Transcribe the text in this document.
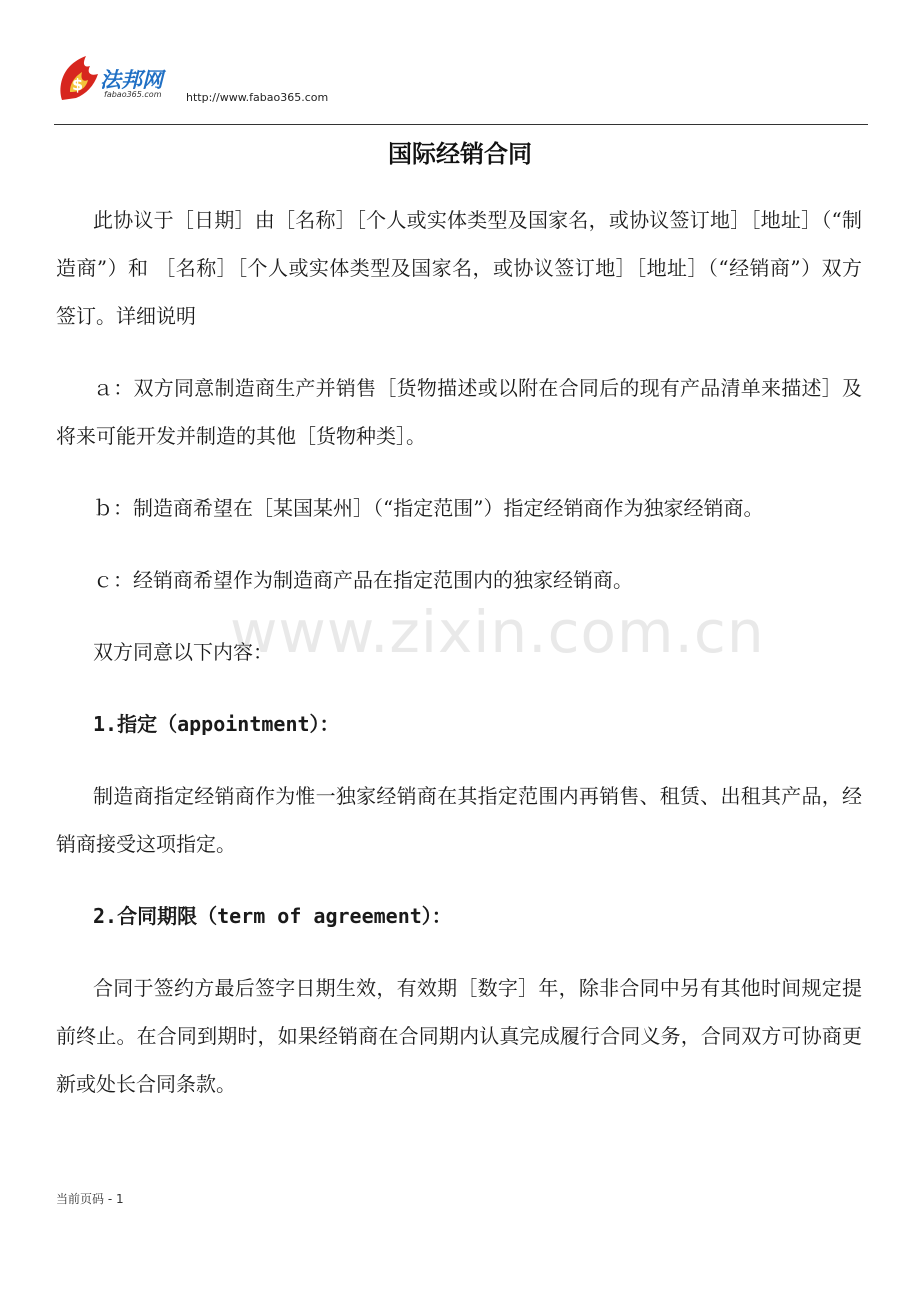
$ 法邦网
fabao365.com http://www.fabao365.com
国际经销合同
www.zixin.com.cn

此协议于［日期］由［名称］［个人或实体类型及国家名，或协议签订地］［地址］（“制造商”）和 ［名称］［个人或实体类型及国家名，或协议签订地］［地址］（“经销商”）双方签订。详细说明

ａ：双方同意制造商生产并销售［货物描述或以附在合同后的现有产品清单来描述］及将来可能开发并制造的其他［货物种类］。

ｂ：制造商希望在［某国某州］（“指定范围”）指定经销商作为独家经销商。

ｃ：经销商希望作为制造商产品在指定范围内的独家经销商。

双方同意以下内容：

1.指定（appointment）：

制造商指定经销商作为惟一独家经销商在其指定范围内再销售、租赁、出租其产品，经销商接受这项指定。

2.合同期限（term of agreement）：

合同于签约方最后签字日期生效，有效期［数字］年，除非合同中另有其他时间规定提前终止。在合同到期时，如果经销商在合同期内认真完成履行合同义务，合同双方可协商更新或处长合同条款。

当前页码 - 1
